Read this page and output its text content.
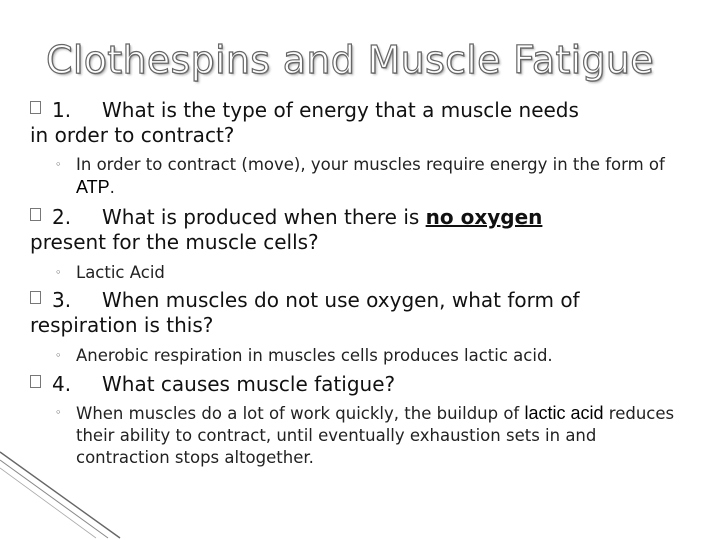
Clothespins and Muscle Fatigue
1.	What is the type of energy that a muscle needs
in order to contract?
◦ In order to contract (move), your muscles require energy in the form of ATP.
2.	What is produced when there is no oxygen
present for the muscle cells?
◦ Lactic Acid
3.	When muscles do not use oxygen, what form of
respiration is this?
◦ Anerobic respiration in muscles cells produces lactic acid.
4.	What causes muscle fatigue?
◦ When muscles do a lot of work quickly, the buildup of lactic acid reduces their ability to contract, until eventually exhaustion sets in and contraction stops altogether.
